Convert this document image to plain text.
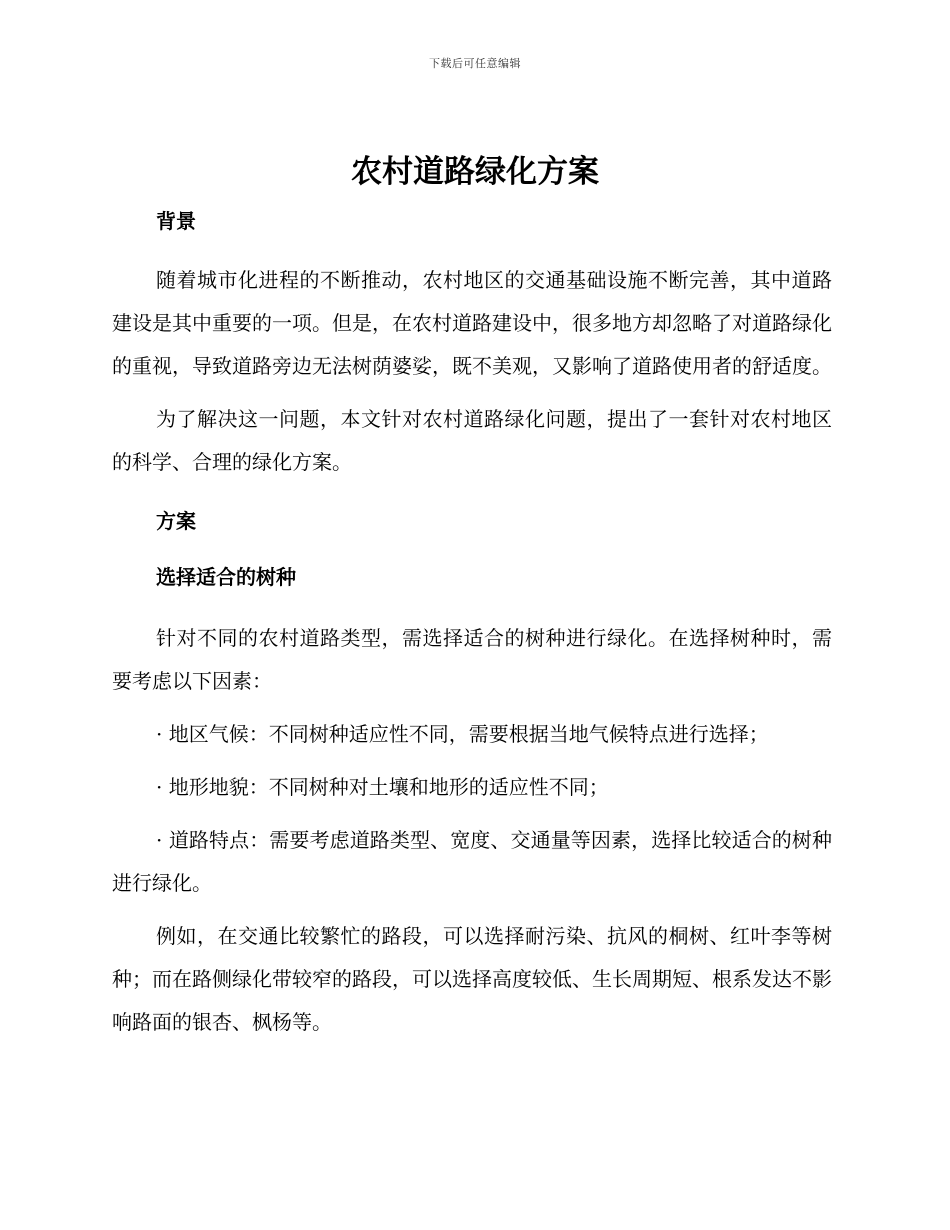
下载后可任意编辑
农村道路绿化方案
背景

随着城市化进程的不断推动，农村地区的交通基础设施不断完善，其中道路建设是其中重要的一项。但是，在农村道路建设中，很多地方却忽略了对道路绿化的重视，导致道路旁边无法树荫婆娑，既不美观，又影响了道路使用者的舒适度。

为了解决这一问题，本文针对农村道路绿化问题，提出了一套针对农村地区的科学、合理的绿化方案。

方案
选择适合的树种

针对不同的农村道路类型，需选择适合的树种进行绿化。在选择树种时，需要考虑以下因素：

· 地区气候：不同树种适应性不同，需要根据当地气候特点进行选择；

· 地形地貌：不同树种对土壤和地形的适应性不同；

· 道路特点：需要考虑道路类型、宽度、交通量等因素，选择比较适合的树种进行绿化。

例如，在交通比较繁忙的路段，可以选择耐污染、抗风的桐树、红叶李等树种；而在路侧绿化带较窄的路段，可以选择高度较低、生长周期短、根系发达不影响路面的银杏、枫杨等。
